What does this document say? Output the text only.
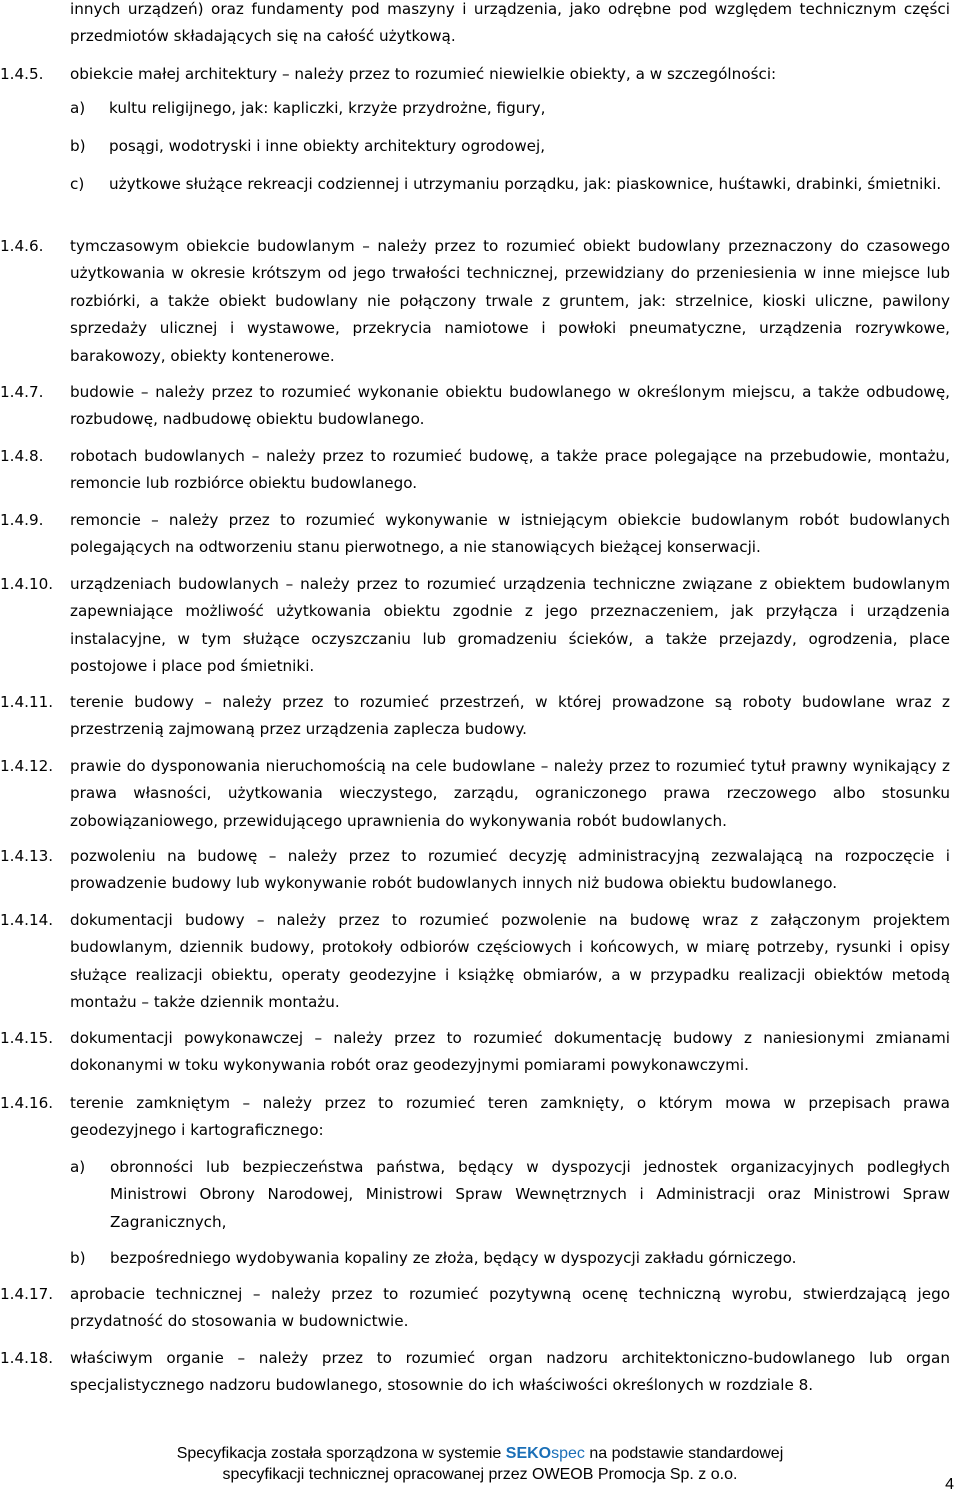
innych urządzeń) oraz fundamenty pod maszyny i urządzenia, jako odrębne pod względem technicznym części przedmiotów składających się na całość użytkową.
1.4.5. obiekcie małej architektury – należy przez to rozumieć niewielkie obiekty, a w szczególności:
a) kultu religijnego, jak: kapliczki, krzyże przydrożne, figury,
b) posągi, wodotryski i inne obiekty architektury ogrodowej,
c) użytkowe służące rekreacji codziennej i utrzymaniu porządku, jak: piaskownice, huśtawki, drabinki, śmietniki.
1.4.6. tymczasowym obiekcie budowlanym – należy przez to rozumieć obiekt budowlany przeznaczony do czasowego użytkowania w okresie krótszym od jego trwałości technicznej, przewidziany do przeniesienia w inne miejsce lub rozbiórki, a także obiekt budowlany nie połączony trwale z gruntem, jak: strzelnice, kioski uliczne, pawilony sprzedaży ulicznej i wystawowe, przekrycia namiotowe i powłoki pneumatyczne, urządzenia rozrywkowe, barakowozy, obiekty kontenerowe.
1.4.7. budowie – należy przez to rozumieć wykonanie obiektu budowlanego w określonym miejscu, a także odbudowę, rozbudowę, nadbudowę obiektu budowlanego.
1.4.8. robotach budowlanych – należy przez to rozumieć budowę, a także prace polegające na przebudowie, montażu, remoncie lub rozbiórce obiektu budowlanego.
1.4.9. remoncie – należy przez to rozumieć wykonywanie w istniejącym obiekcie budowlanym robót budowlanych polegających na odtworzeniu stanu pierwotnego, a nie stanowiących bieżącej konserwacji.
1.4.10. urządzeniach budowlanych – należy przez to rozumieć urządzenia techniczne związane z obiektem budowlanym zapewniające możliwość użytkowania obiektu zgodnie z jego przeznaczeniem, jak przyłącza i urządzenia instalacyjne, w tym służące oczyszczaniu lub gromadzeniu ścieków, a także przejazdy, ogrodzenia, place postojowe i place pod śmietniki.
1.4.11. terenie budowy – należy przez to rozumieć przestrzeń, w której prowadzone są roboty budowlane wraz z przestrzenią zajmowaną przez urządzenia zaplecza budowy.
1.4.12. prawie do dysponowania nieruchomością na cele budowlane – należy przez to rozumieć tytuł prawny wynikający z prawa własności, użytkowania wieczystego, zarządu, ograniczonego prawa rzeczowego albo stosunku zobowiązaniowego, przewidującego uprawnienia do wykonywania robót budowlanych.
1.4.13. pozwoleniu na budowę – należy przez to rozumieć decyzję administracyjną zezwalającą na rozpoczęcie i prowadzenie budowy lub wykonywanie robót budowlanych innych niż budowa obiektu budowlanego.
1.4.14. dokumentacji budowy – należy przez to rozumieć pozwolenie na budowę wraz z załączonym projektem budowlanym, dziennik budowy, protokoły odbiorów częściowych i końcowych, w miarę potrzeby, rysunki i opisy służące realizacji obiektu, operaty geodezyjne i książkę obmiarów, a w przypadku realizacji obiektów metodą montażu – także dziennik montażu.
1.4.15. dokumentacji powykonawczej – należy przez to rozumieć dokumentację budowy z naniesionymi zmianami dokonanymi w toku wykonywania robót oraz geodezyjnymi pomiarami powykonawczymi.
1.4.16. terenie zamkniętym – należy przez to rozumieć teren zamknięty, o którym mowa w przepisach prawa geodezyjnego i kartograficznego:
a) obronności lub bezpieczeństwa państwa, będący w dyspozycji jednostek organizacyjnych podległych Ministrowi Obrony Narodowej, Ministrowi Spraw Wewnętrznych i Administracji oraz Ministrowi Spraw Zagranicznych,
b) bezpośredniego wydobywania kopaliny ze złoża, będący w dyspozycji zakładu górniczego.
1.4.17. aprobacie technicznej – należy przez to rozumieć pozytywną ocenę techniczną wyrobu, stwierdzającą jego przydatność do stosowania w budownictwie.
1.4.18. właściwym organie – należy przez to rozumieć organ nadzoru architektoniczno-budowlanego lub organ specjalistycznego nadzoru budowlanego, stosownie do ich właściwości określonych w rozdziale 8.
Specyfikacja została sporządzona w systemie SEKOspec na podstawie standardowej
specyfikacji technicznej opracowanej przez OWEOB Promocja Sp. z o.o.
4
